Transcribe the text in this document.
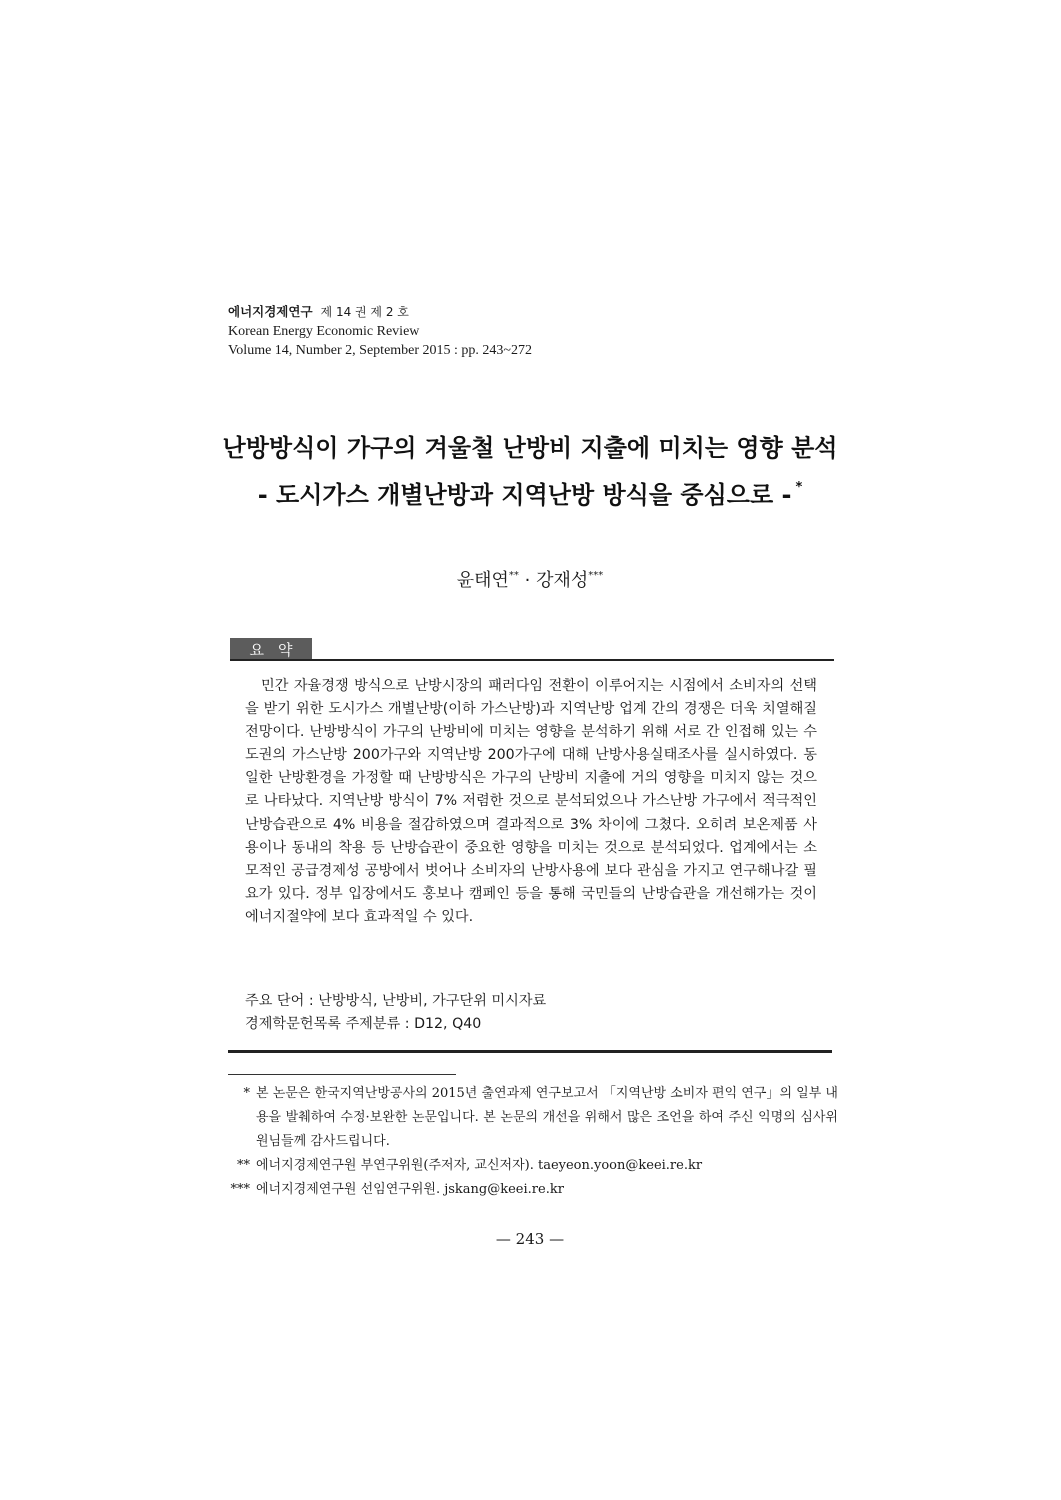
에너지경제연구 제 14 권 제 2 호
Korean Energy Economic Review
Volume 14, Number 2, September 2015 : pp. 243~272
난방방식이 가구의 겨울철 난방비 지출에 미치는 영향 분석
- 도시가스 개별난방과 지역난방 방식을 중심으로 - *
윤태연** · 강재성***
요약

민간 자율경쟁 방식으로 난방시장의 패러다임 전환이 이루어지는 시점에서 소비자의 선택을 받기 위한 도시가스 개별난방(이하 가스난방)과 지역난방 업계 간의 경쟁은 더욱 치열해질 전망이다. 난방방식이 가구의 난방비에 미치는 영향을 분석하기 위해 서로 간 인접해 있는 수도권의 가스난방 200가구와 지역난방 200가구에 대해 난방사용실태조사를 실시하였다. 동일한 난방환경을 가정할 때 난방방식은 가구의 난방비 지출에 거의 영향을 미치지 않는 것으로 나타났다. 지역난방 방식이 7% 저렴한 것으로 분석되었으나 가스난방 가구에서 적극적인 난방습관으로 4% 비용을 절감하였으며 결과적으로 3% 차이에 그쳤다. 오히려 보온제품 사용이나 동내의 착용 등 난방습관이 중요한 영향을 미치는 것으로 분석되었다. 업계에서는 소모적인 공급경제성 공방에서 벗어나 소비자의 난방사용에 보다 관심을 가지고 연구해나갈 필요가 있다. 정부 입장에서도 홍보나 캠페인 등을 통해 국민들의 난방습관을 개선해가는 것이 에너지절약에 보다 효과적일 수 있다.

주요 단어 : 난방방식, 난방비, 가구단위 미시자료
경제학문헌목록 주제분류 : D12, Q40
* 본 논문은 한국지역난방공사의 2015년 출연과제 연구보고서 「지역난방 소비자 편익 연구」의 일부 내용을 발췌하여 수정·보완한 논문입니다. 본 논문의 개선을 위해서 많은 조언을 하여 주신 익명의 심사위원님들께 감사드립니다.
** 에너지경제연구원 부연구위원(주저자, 교신저자). taeyeon.yoon@keei.re.kr
*** 에너지경제연구원 선임연구위원. jskang@keei.re.kr
— 243 —
